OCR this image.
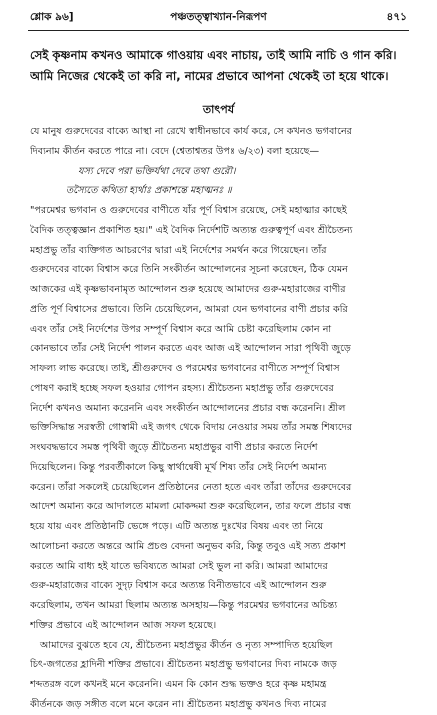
শ্লোক ৯৬]	পঞ্চতত্ত্বাখ্যান-নিরূপণ	৪৭১
সেই কৃষ্ণনাম কখনও আমাকে গাওয়ায় এবং নাচায়, তাই আমি নাচি ও গান করি।
আমি নিজের থেকেই তা করি না, নামের প্রভাবে আপনা থেকেই তা হয়ে থাকে।
তাৎপর্য
যে মানুষ গুরুদেবের বাক্যে আস্থা না রেখে স্বাধীনভাবে কার্য করে, সে কখনও ভগবানের
দিব্যনাম কীর্তন করতে পারে না। বেদে (শ্বেতাশ্বতর উপঃ ৬/২৩) বলা হয়েছে—
যস্য দেবে পরা ভক্তির্যথা দেবে তথা গুরৌ।
তস্যৈতে কথিতা হ্যর্থাঃ প্রকাশন্তে মহাত্মনঃ ॥
"পরমেশ্বর ভগবান ও গুরুদেবের বাণীতে যাঁর পূর্ণ বিশ্বাস রয়েছে, সেই মহাত্মার কাছেই
বৈদিক তত্ত্বজ্ঞান প্রকাশিত হয়।" এই বৈদিক নির্দেশটি অত্যন্ত গুরুত্বপূর্ণ এবং শ্রীচৈতন্য
মহাপ্রভু তাঁর ব্যক্তিগত আচরণের দ্বারা এই নির্দেশের সমর্থন করে গিয়েছেন। তাঁর
গুরুদেবের বাক্যে বিশ্বাস করে তিনি সংকীর্তন আন্দোলনের সূচনা করেছেন, ঠিক যেমন
আজকের এই কৃষ্ণভাবনামৃত আন্দোলন শুরু হয়েছে আমাদের গুরু-মহারাজের বাণীর
প্রতি পূর্ণ বিশ্বাসের প্রভাবে। তিনি চেয়েছিলেন, আমরা যেন ভগবানের বাণী প্রচার করি
এবং তাঁর সেই নির্দেশের উপর সম্পূর্ণ বিশ্বাস করে আমি চেষ্টা করেছিলাম কোন না
কোনভাবে তাঁর সেই নির্দেশ পালন করতে এবং আজ এই আন্দোলন সারা পৃথিবী জুড়ে
সাফল্য লাভ করেছে। তাই, শ্রীগুরুদেব ও পরমেশ্বর ভগবানের বাণীতে সম্পূর্ণ বিশ্বাস
পোষণ করাই হচ্ছে সফল হওয়ার গোপন রহস্য। শ্রীচৈতন্য মহাপ্রভু তাঁর গুরুদেবের
নির্দেশ কখনও অমান্য করেননি এবং সংকীর্তন আন্দোলনের প্রচার বন্ধ করেননি। শ্রীল
ভক্তিসিদ্ধান্ত সরস্বতী গোস্বামী এই জগৎ থেকে বিদায় নেওয়ার সময় তাঁর সমস্ত শিষ্যদের
সংঘবদ্ধভাবে সমস্ত পৃথিবী জুড়ে শ্রীচৈতন্য মহাপ্রভুর বাণী প্রচার করতে নির্দেশ
দিয়েছিলেন। কিন্তু পরবর্তীকালে কিছু স্বার্থান্বেষী মূর্খ শিষ্য তাঁর সেই নির্দেশ অমান্য
করেন। তাঁরা সকলেই চেয়েছিলেন প্রতিষ্ঠানের নেতা হতে এবং তাঁরা তাঁদের গুরুদেবের
আদেশ অমান্য করে আদালতে মামলা মোকদ্দমা শুরু করেছিলেন, তার ফলে প্রচার বন্ধ
হয়ে যায় এবং প্রতিষ্ঠানটি ভেঙ্গে পড়ে। এটি অত্যন্ত দুঃখের বিষয় এবং তা নিয়ে
আলোচনা করতে অন্তরে আমি প্রচণ্ড বেদনা অনুভব করি, কিন্তু তবুও এই সত্য প্রকাশ
করতে আমি বাধ্য হই যাতে ভবিষ্যতে আমরা সেই ভুল না করি। আমরা আমাদের
গুরু-মহারাজের বাক্যে সুদৃঢ় বিশ্বাস করে অত্যন্ত বিনীতভাবে এই আন্দোলন শুরু
করেছিলাম, তখন আমরা ছিলাম অত্যন্ত অসহায়—কিন্তু পরমেশ্বর ভগবানের অচিন্ত্য
শক্তির প্রভাবে এই আন্দোলন আজ সফল হয়েছে।
আমাদের বুঝতে হবে যে, শ্রীচৈতন্য মহাপ্রভুর কীর্তন ও নৃত্য সম্পাদিত হয়েছিল
চিৎ-জগতের হ্লাদিনী শক্তির প্রভাবে। শ্রীচৈতন্য মহাপ্রভু ভগবানের দিব্য নামকে জড়
শব্দতরঙ্গ বলে কখনই মনে করেননি। এমন কি কোন শুদ্ধ ভক্তও হরে কৃষ্ণ মহামন্ত্র
কীর্তনকে জড় সঙ্গীত বলে মনে করেন না। শ্রীচৈতন্য মহাপ্রভু কখনও দিব্য নামের
